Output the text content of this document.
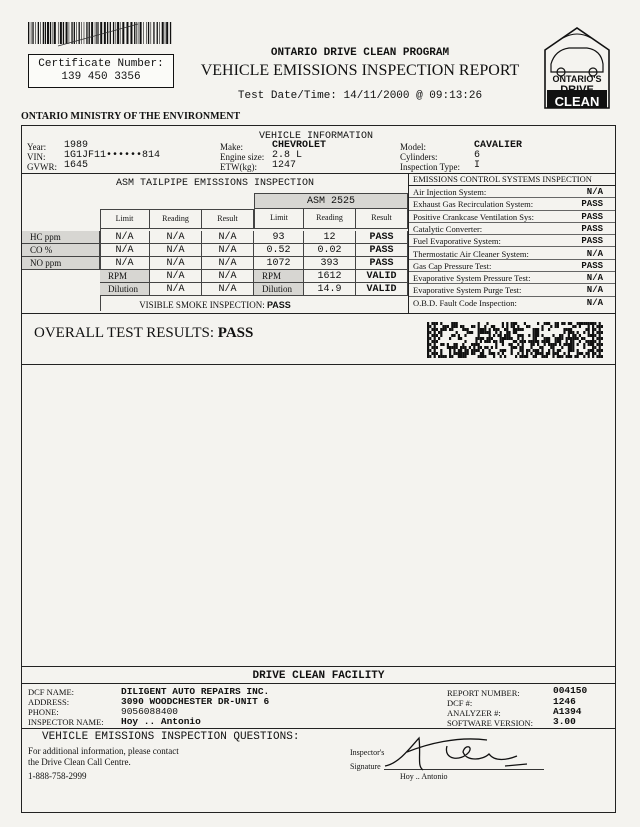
Certificate Number:
139 450 3356
ONTARIO DRIVE CLEAN PROGRAM
VEHICLE EMISSIONS INSPECTION REPORT
Test Date/Time: 14/11/2000 @ 09:13:26
ONTARIO'S
DRIVE
CLEAN
ONTARIO MINISTRY OF THE ENVIRONMENT
VEHICLE INFORMATION
Year: 1989
VIN: 1G1JF11••••••814
GVWR: 1645
Make:	CHEVROLET
Engine size: 2.8 L
ETW(kg): 1247
Model:	CAVALIER
Cylinders:	6
Inspection Type: I
ASM TAILPIPE EMISSIONS INSPECTION
ASM 2525
Limit	Reading	Result	Limit	Reading	Result
HC ppm	N/A	N/A	N/A	93	12	PASS
CO %	N/A	N/A	N/A	0.52	0.02	PASS
NO ppm	N/A	N/A	N/A	1072	393	PASS
RPM	N/A	N/A	RPM	1612	VALID
Dilution	N/A	N/A	Dilution	14.9	VALID
VISIBLE SMOKE INSPECTION: PASS
EMISSIONS CONTROL SYSTEMS INSPECTION
Air Injection System:	N/A
Exhaust Gas Recirculation System:	PASS
Positive Crankcase Ventilation Sys:	PASS
Catalytic Converter:	PASS
Fuel Evaporative System:	PASS
Thermostatic Air Cleaner System:	N/A
Gas Cap Pressure Test:	PASS
Evaporative System Pressure Test:	N/A
Evaporative System Purge Test:	N/A
O.B.D. Fault Code Inspection:	N/A
OVERALL TEST RESULTS: PASS
DRIVE CLEAN FACILITY
DCF NAME:	DILIGENT AUTO REPAIRS INC.
ADDRESS:	3090 WOODCHESTER DR-UNIT 6
PHONE:	9056088400
INSPECTOR NAME: Hoy .. Antonio
REPORT NUMBER:	004150
DCF #:	1246
ANALYZER #:	A1394
SOFTWARE VERSION: 3.00
VEHICLE EMISSIONS INSPECTION QUESTIONS:
For additional information, please contact
the Drive Clean Call Centre.
1-888-758-2999
Inspector's
Signature
Hoy .. Antonio
